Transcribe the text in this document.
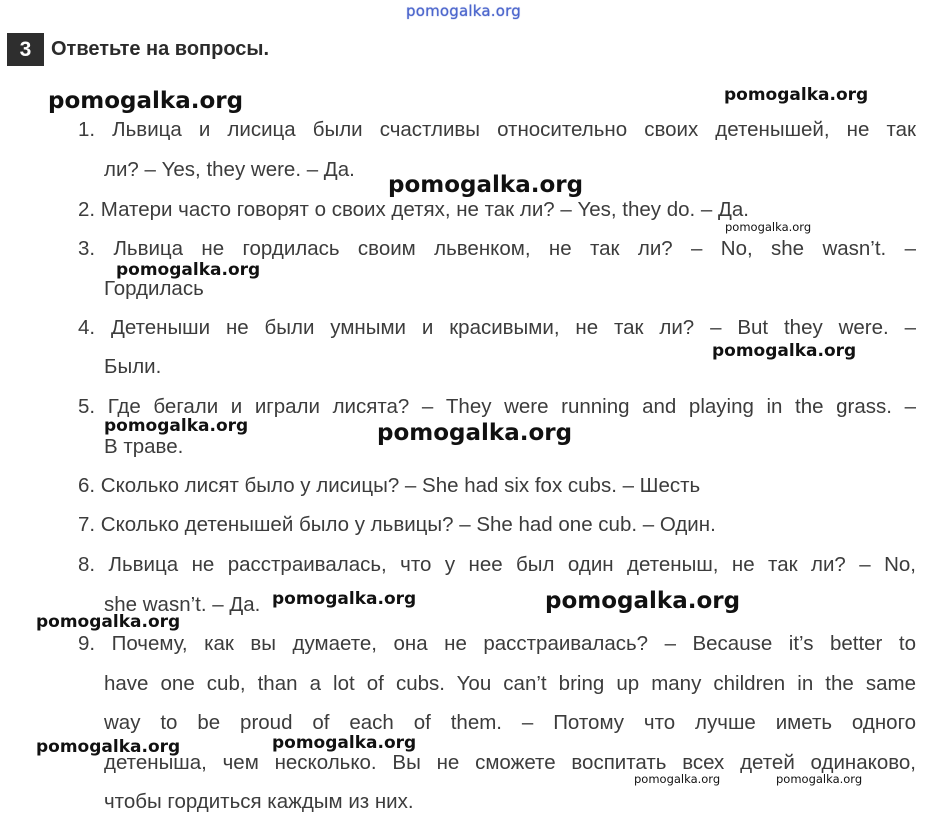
pomogalka.org
3 Ответьте на вопросы.
1. Львица и лисица были счастливы относительно своих детенышей, не так
ли? – Yes, they were. – Да.
2. Матери часто говорят о своих детях, не так ли? – Yes, they do. – Да.
3. Львица не гордилась своим львенком, не так ли? – No, she wasn’t. –
Гордилась
4. Детеныши не были умными и красивыми, не так ли? – But they were. –
Были.
5. Где бегали и играли лисята? – They were running and playing in the grass. –
В траве.
6. Сколько лисят было у лисицы? – She had six fox cubs. – Шесть
7. Сколько детенышей было у львицы? – She had one cub. – Один.
8. Львица не расстраивалась, что у нее был один детеныш, не так ли? – No,
she wasn’t. – Да.
9. Почему, как вы думаете, она не расстраивалась? – Because it’s better to
have one cub, than a lot of cubs. You can’t bring up many children in the same
way to be proud of each of them. – Потому что лучше иметь одного
детеныша, чем несколько. Вы не сможете воспитать всех детей одинаково,
чтобы гордиться каждым из них.
pomogalka.org	pomogalka.org
pomogalka.org
pomogalka.org
pomogalka.org
pomogalka.org
pomogalka.org	pomogalka.org
pomogalka.org	pomogalka.org
pomogalka.org
pomogalka.org
pomogalka.org
pomogalka.org	pomogalka.org
